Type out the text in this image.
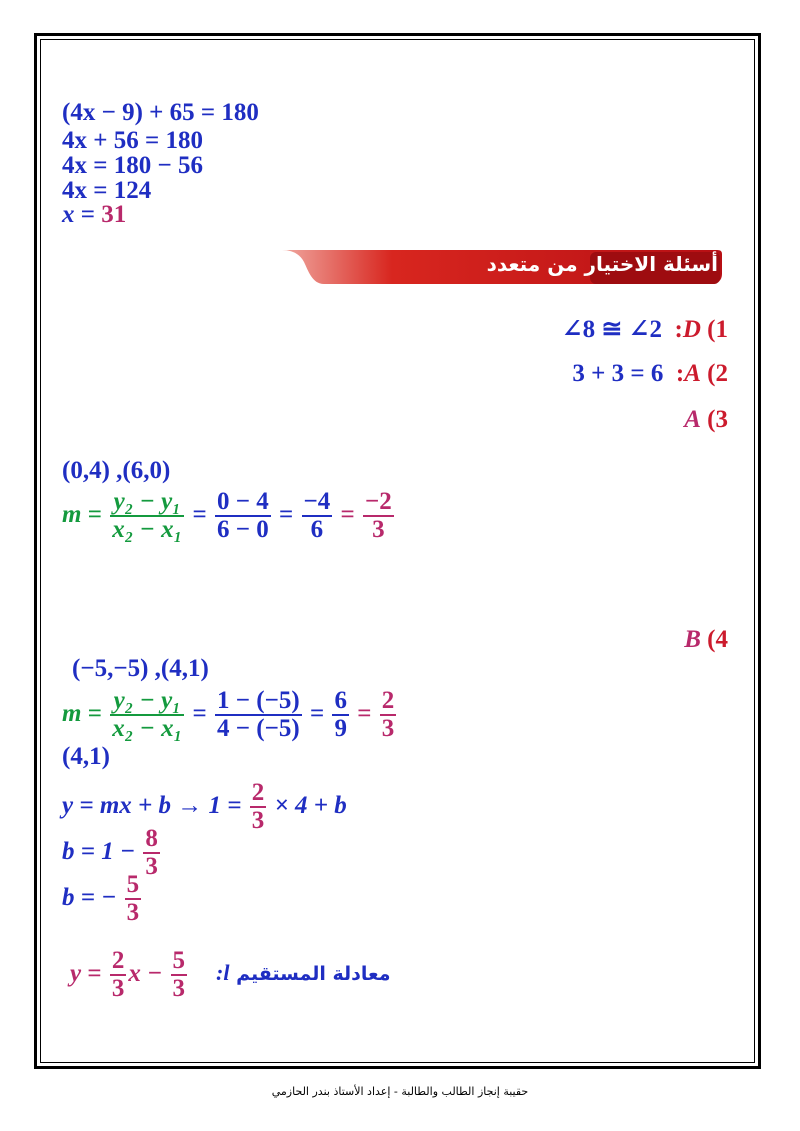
(4x − 9) + 65 = 180
4x + 56 = 180
4x = 180 − 56
4x = 124
x = 31
أسئلة الاختيار من متعدد
∠8 ≅ ∠2  :D (1
3 + 3 = 6  :A (2
A (3
(0,4) ,(6,0)
$m = \frac{\text{y₂ − y₁}}{\text{x₂ − x₁}} = \frac{0 - 4}{6 - 0} = \frac{-4}{6} = \frac{-2}{3}$
B (4
(−5,−5) ,(4,1)
$m = \frac{\text{y₂ − y₁}}{\text{x₂ − x₁}} = \frac{1 - (-5)}{4 - (-5)} = \frac{6}{9} = \frac{2}{3}$
(4,1)
y = mx + $b \to 1 = \frac{2}{3} \times 4 + b$
$b = 1 - \frac{8}{3}$
b = − $\frac{5}{3}$
$y = \frac{2}{3}$ $x - \frac{5}{3}$	معادلة المستقيم l:
حقيبة إنجاز الطالب والطالبة - إعداد الأستاذ بندر الحازمي
